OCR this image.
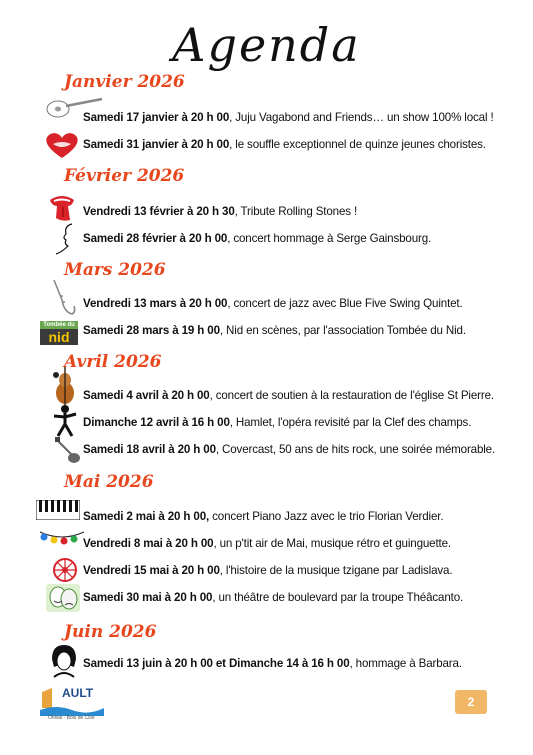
Agenda
Janvier 2026
Samedi 17 janvier à 20 h 00, Juju Vagabond and Friends… un show 100% local !
Samedi 31 janvier à 20 h 00, le souffle exceptionnel de quinze jeunes choristes.
Février 2026
Vendredi 13 février à 20 h 30, Tribute Rolling Stones !
Samedi 28 février à 20 h 00, concert hommage à Serge Gainsbourg.
Mars 2026
Vendredi 13 mars à 20 h 00, concert de jazz avec Blue Five Swing Quintet.
Tombée du
nid	Samedi 28 mars à 19 h 00, Nid en scènes, par l'association Tombée du Nid.
Avril 2026
Samedi 4 avril à 20 h 00, concert de soutien à la restauration de l'église St Pierre.
Dimanche 12 avril à 16 h 00, Hamlet, l'opéra revisité par la Clef des champs.
Samedi 18 avril à 20 h 00, Covercast, 50 ans de hits rock, une soirée mémorable.
Mai 2026
Samedi 2 mai à 20 h 00, concert Piano Jazz avec le trio Florian Verdier.
Vendredi 8 mai à 20 h 00, un p'tit air de Mai, musique rétro et guinguette.
Vendredi 15 mai à 20 h 00, l'histoire de la musique tzigane par Ladislava.
Samedi 30 mai à 20 h 00, un théâtre de boulevard par la troupe Théâcanto.
Juin 2026
Samedi 13 juin à 20 h 00 et Dimanche 14 à 16 h 00, hommage à Barbara.
AULT
Onival · Bois de Cise
2
